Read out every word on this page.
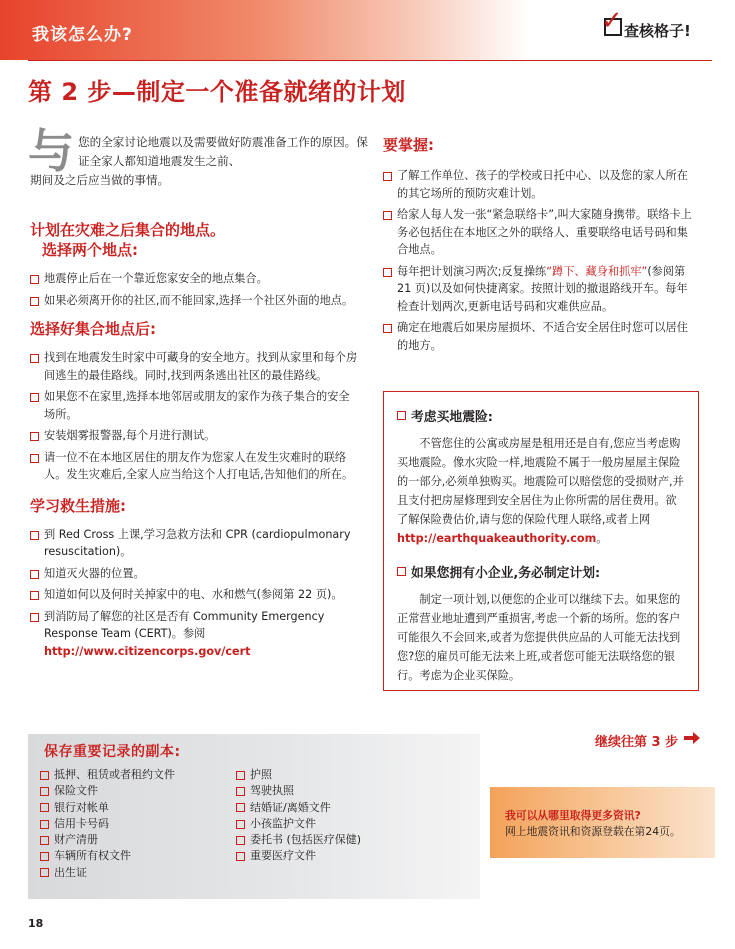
我该怎么办?	✓ 查核格子!
第 2 步—制定一个准备就绪的计划
与 您的全家讨论地震以及需要做好防震准备工作的原因。保证全家人都知道地震发生之前、
期间及之后应当做的事情。
计划在灾难之后集合的地点。
选择两个地点:
地震停止后在一个靠近您家安全的地点集合。
如果必须离开你的社区,而不能回家,选择一个社区外面的地点。
选择好集合地点后:
找到在地震发生时家中可藏身的安全地方。找到从家里和每个房间逃生的最佳路线。同时,找到两条逃出社区的最佳路线。
如果您不在家里,选择本地邻居或朋友的家作为孩子集合的安全场所。
安装烟雾报警器,每个月进行测试。
请一位不在本地区居住的朋友作为您家人在发生灾难时的联络人。发生灾难后,全家人应当给这个人打电话,告知他们的所在。
学习救生措施:
到 Red Cross 上课,学习急救方法和 CPR (cardiopulmonary resuscitation)。
知道灭火器的位置。
知道如何以及何时关掉家中的电、水和燃气(参阅第 22 页)。
到消防局了解您的社区是否有 Community Emergency Response Team (CERT)。参阅 http://www.citizencorps.gov/cert
要掌握:
了解工作单位、孩子的学校或日托中心、以及您的家人所在的其它场所的预防灾难计划。
给家人每人发一张“紧急联络卡”,叫大家随身携带。联络卡上务必包括住在本地区之外的联络人、重要联络电话号码和集合地点。
每年把计划演习两次;反复操练“蹲下、藏身和抓牢”(参阅第 21 页)以及如何快捷离家。按照计划的撤退路线开车。每年检查计划两次,更新电话号码和灾难供应品。
确定在地震后如果房屋损坏、不适合安全居住时您可以居住的地方。
考虑买地震险:
不管您住的公寓或房屋是租用还是自有,您应当考虑购买地震险。像水灾险一样,地震险不属于一般房屋屋主保险的一部分,必须单独购买。地震险可以赔偿您的受损财产,并且支付把房屋修理到安全居住为止你所需的居住费用。欲了解保险费估价,请与您的保险代理人联络,或者上网 http://earthquakeauthority.com。
如果您拥有小企业,务必制定计划:
制定一项计划,以便您的企业可以继续下去。如果您的正常营业地址遭到严重损害,考虑一个新的场所。您的客户可能很久不会回来,或者为您提供供应品的人可能无法找到您?您的雇员可能无法来上班,或者您可能无法联络您的银行。考虑为企业买保险。
继续往第 3 步
保存重要记录的副本:
抵押、租赁或者租约文件
保险文件
银行对帐单
信用卡号码
财产清册
车辆所有权文件
出生证
护照
驾驶执照
结婚证/离婚文件
小孩监护文件
委托书 (包括医疗保健)
重要医疗文件
我可以从哪里取得更多资讯?
网上地震资讯和资源登载在第24页。
18
